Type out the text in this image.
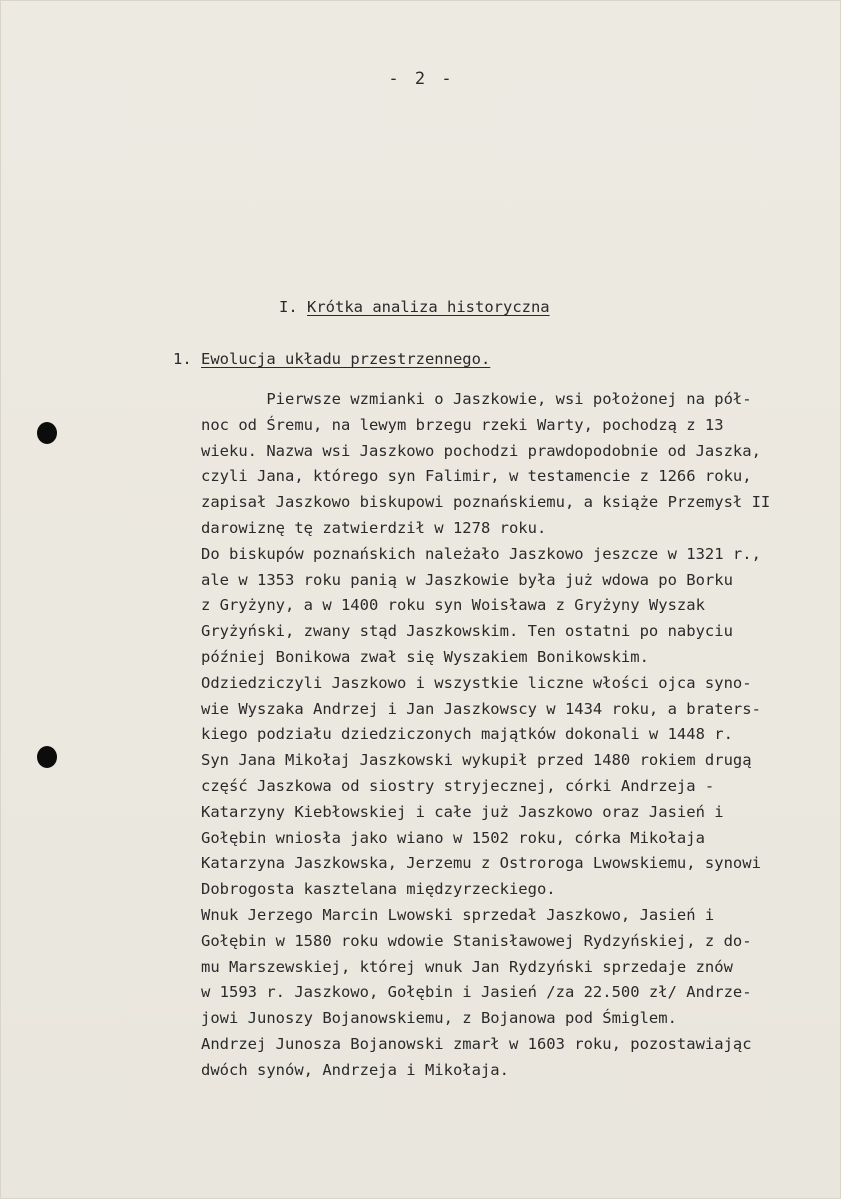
- 2 -
I. Krótka analiza historyczna
1. Ewolucja układu przestrzennego.
Pierwsze wzmianki o Jaszkowie, wsi położonej na pół-
noc od Śremu, na lewym brzegu rzeki Warty, pochodzą z 13
wieku. Nazwa wsi Jaszkowo pochodzi prawdopodobnie od Jaszka,
czyli Jana, którego syn Falimir, w testamencie z 1266 roku,
zapisał Jaszkowo biskupowi poznańskiemu, a książe Przemysł II
darowiznę tę zatwierdził w 1278 roku.
Do biskupów poznańskich należało Jaszkowo jeszcze w 1321 r.,
ale w 1353 roku panią w Jaszkowie była już wdowa po Borku
z Gryżyny, a w 1400 roku syn Woisława z Gryżyny Wyszak
Gryżyński, zwany stąd Jaszkowskim. Ten ostatni po nabyciu
później Bonikowa zwał się Wyszakiem Bonikowskim.
Odziedziczyli Jaszkowo i wszystkie liczne włości ojca syno-
wie Wyszaka Andrzej i Jan Jaszkowscy w 1434 roku, a braters-
kiego podziału dziedziczonych majątków dokonali w 1448 r.
Syn Jana Mikołaj Jaszkowski wykupił przed 1480 rokiem drugą
część Jaszkowa od siostry stryjecznej, córki Andrzeja -
Katarzyny Kiebłowskiej i całe już Jaszkowo oraz Jasień i
Gołębin wniosła jako wiano w 1502 roku, córka Mikołaja
Katarzyna Jaszkowska, Jerzemu z Ostroroga Lwowskiemu, synowi
Dobrogosta kasztelana międzyrzeckiego.
Wnuk Jerzego Marcin Lwowski sprzedał Jaszkowo, Jasień i
Gołębin w 1580 roku wdowie Stanisławowej Rydzyńskiej, z do-
mu Marszewskiej, której wnuk Jan Rydzyński sprzedaje znów
w 1593 r. Jaszkowo, Gołębin i Jasień /za 22.500 zł/ Andrze-
jowi Junoszy Bojanowskiemu, z Bojanowa pod Śmiglem.
Andrzej Junosza Bojanowski zmarł w 1603 roku, pozostawiając
dwóch synów, Andrzeja i Mikołaja.
